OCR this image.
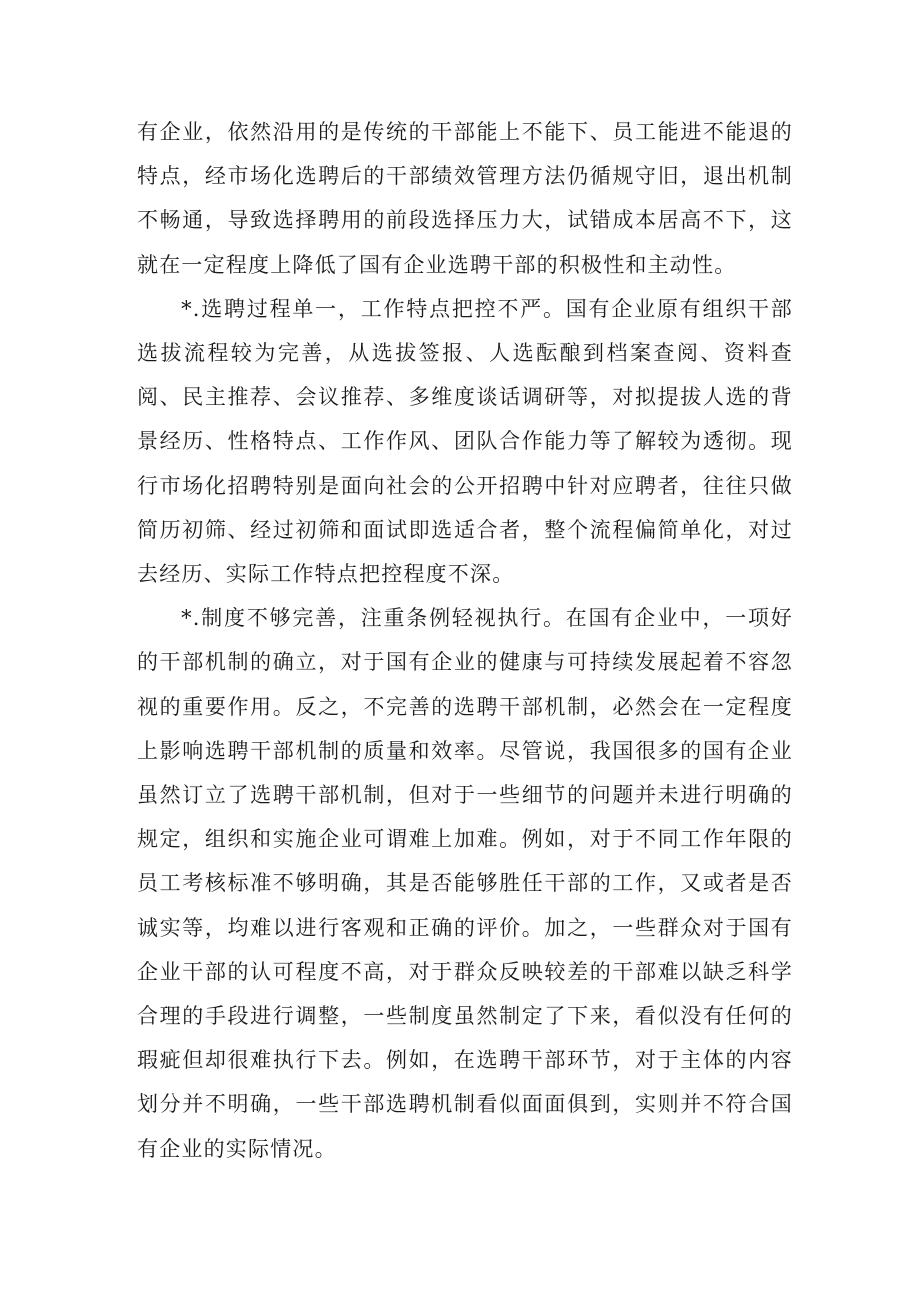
有企业，依然沿用的是传统的干部能上不能下、员工能进不能退的特点，经市场化选聘后的干部绩效管理方法仍循规守旧，退出机制不畅通，导致选择聘用的前段选择压力大，试错成本居高不下，这就在一定程度上降低了国有企业选聘干部的积极性和主动性。

*.选聘过程单一，工作特点把控不严。国有企业原有组织干部选拔流程较为完善，从选拔签报、人选酝酿到档案查阅、资料查阅、民主推荐、会议推荐、多维度谈话调研等，对拟提拔人选的背景经历、性格特点、工作作风、团队合作能力等了解较为透彻。现行市场化招聘特别是面向社会的公开招聘中针对应聘者，往往只做简历初筛、经过初筛和面试即选适合者，整个流程偏简单化，对过去经历、实际工作特点把控程度不深。

*.制度不够完善，注重条例轻视执行。在国有企业中，一项好的干部机制的确立，对于国有企业的健康与可持续发展起着不容忽视的重要作用。反之，不完善的选聘干部机制，必然会在一定程度上影响选聘干部机制的质量和效率。尽管说，我国很多的国有企业虽然订立了选聘干部机制，但对于一些细节的问题并未进行明确的规定，组织和实施企业可谓难上加难。例如，对于不同工作年限的员工考核标准不够明确，其是否能够胜任干部的工作，又或者是否诚实等，均难以进行客观和正确的评价。加之，一些群众对于国有企业干部的认可程度不高，对于群众反映较差的干部难以缺乏科学合理的手段进行调整，一些制度虽然制定了下来，看似没有任何的瑕疵但却很难执行下去。例如，在选聘干部环节，对于主体的内容划分并不明确，一些干部选聘机制看似面面俱到，实则并不符合国有企业的实际情况。
